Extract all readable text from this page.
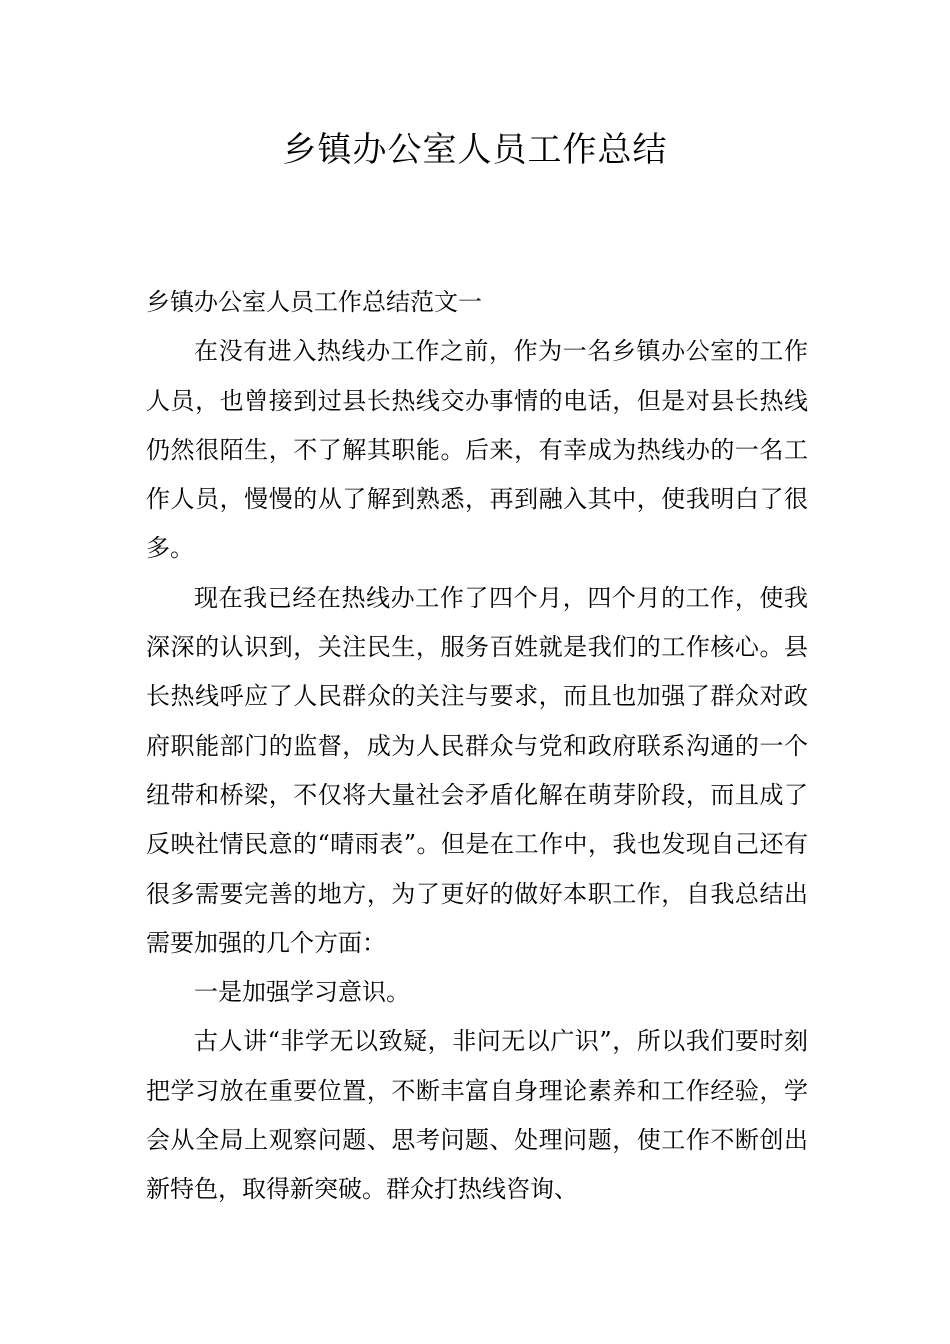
乡镇办公室人员工作总结

乡镇办公室人员工作总结范文一

在没有进入热线办工作之前，作为一名乡镇办公室的工作人员，也曾接到过县长热线交办事情的电话，但是对县长热线仍然很陌生，不了解其职能。后来，有幸成为热线办的一名工作人员，慢慢的从了解到熟悉，再到融入其中，使我明白了很多。

现在我已经在热线办工作了四个月，四个月的工作，使我深深的认识到，关注民生，服务百姓就是我们的工作核心。县长热线呼应了人民群众的关注与要求，而且也加强了群众对政府职能部门的监督，成为人民群众与党和政府联系沟通的一个纽带和桥梁，不仅将大量社会矛盾化解在萌芽阶段，而且成了反映社情民意的“晴雨表”。但是在工作中，我也发现自己还有很多需要完善的地方，为了更好的做好本职工作，自我总结出需要加强的几个方面：

一是加强学习意识。

古人讲“非学无以致疑，非问无以广识”，所以我们要时刻把学习放在重要位置，不断丰富自身理论素养和工作经验，学会从全局上观察问题、思考问题、处理问题，使工作不断创出新特色，取得新突破。群众打热线咨询、
